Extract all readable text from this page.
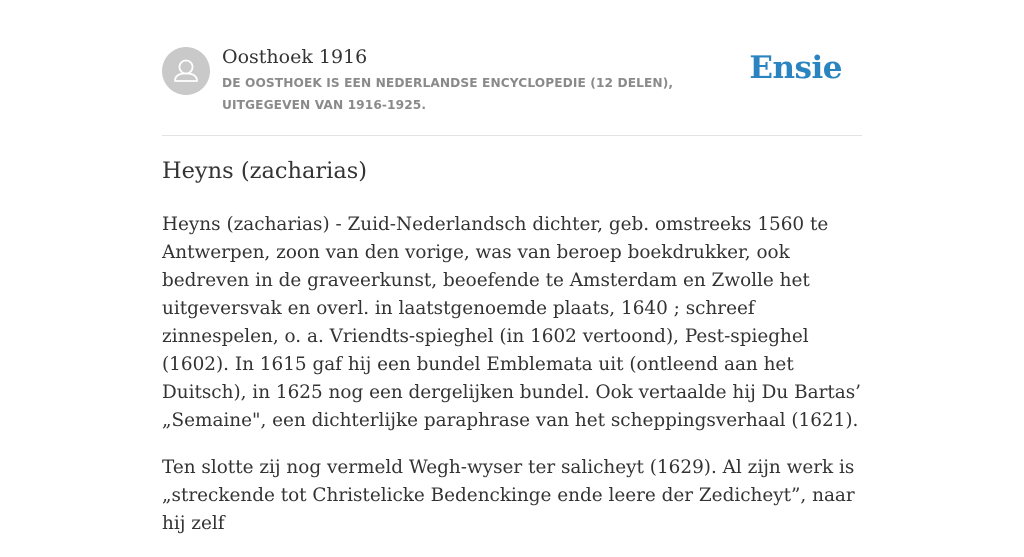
Oosthoek 1916
DE OOSTHOEK IS EEN NEDERLANDSE ENCYCLOPEDIE (12 DELEN), UITGEGEVEN VAN 1916-1925.
Ensie
Heyns (zacharias)

Heyns (zacharias) - Zuid-Nederlandsch dichter, geb. omstreeks 1560 te Antwerpen, zoon van den vorige, was van beroep boekdrukker, ook bedreven in de graveerkunst, beoefende te Amsterdam en Zwolle het uitgeversvak en overl. in laatstgenoemde plaats, 1640 ; schreef zinnespelen, o. a. Vriendts-spieghel (in 1602 vertoond), Pest-spieghel (1602). In 1615 gaf hij een bundel Emblemata uit (ontleend aan het Duitsch), in 1625 nog een dergelijken bundel. Ook vertaalde hij Du Bartas’ „Semaine", een dichterlijke paraphrase van het scheppingsverhaal (1621).

Ten slotte zij nog vermeld Wegh-wyser ter salicheyt (1629). Al zijn werk is „streckende tot Christelicke Bedenckinge ende leere der Zedicheyt”, naar hij zelf
